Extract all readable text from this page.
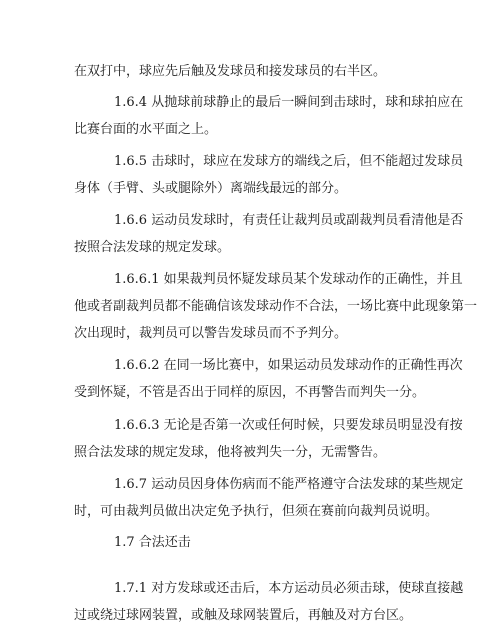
在双打中，球应先后触及发球员和接发球员的右半区。

1.6.4 从抛球前球静止的最后一瞬间到击球时，球和球拍应在
比赛台面的水平面之上。

1.6.5 击球时，球应在发球方的端线之后，但不能超过发球员
身体（手臂、头或腿除外）离端线最远的部分。

1.6.6 运动员发球时，有责任让裁判员或副裁判员看清他是否
按照合法发球的规定发球。

1.6.6.1 如果裁判员怀疑发球员某个发球动作的正确性，并且
他或者副裁判员都不能确信该发球动作不合法，一场比赛中此现象第一
次出现时，裁判员可以警告发球员而不予判分。

1.6.6.2 在同一场比赛中，如果运动员发球动作的正确性再次
受到怀疑，不管是否出于同样的原因，不再警告而判失一分。

1.6.6.3 无论是否第一次或任何时候，只要发球员明显没有按
照合法发球的规定发球，他将被判失一分，无需警告。

1.6.7 运动员因身体伤病而不能严格遵守合法发球的某些规定
时，可由裁判员做出决定免予执行，但须在赛前向裁判员说明。

1.7 合法还击

1.7.1 对方发球或还击后，本方运动员必须击球，使球直接越
过或绕过球网装置，或触及球网装置后，再触及对方台区。
